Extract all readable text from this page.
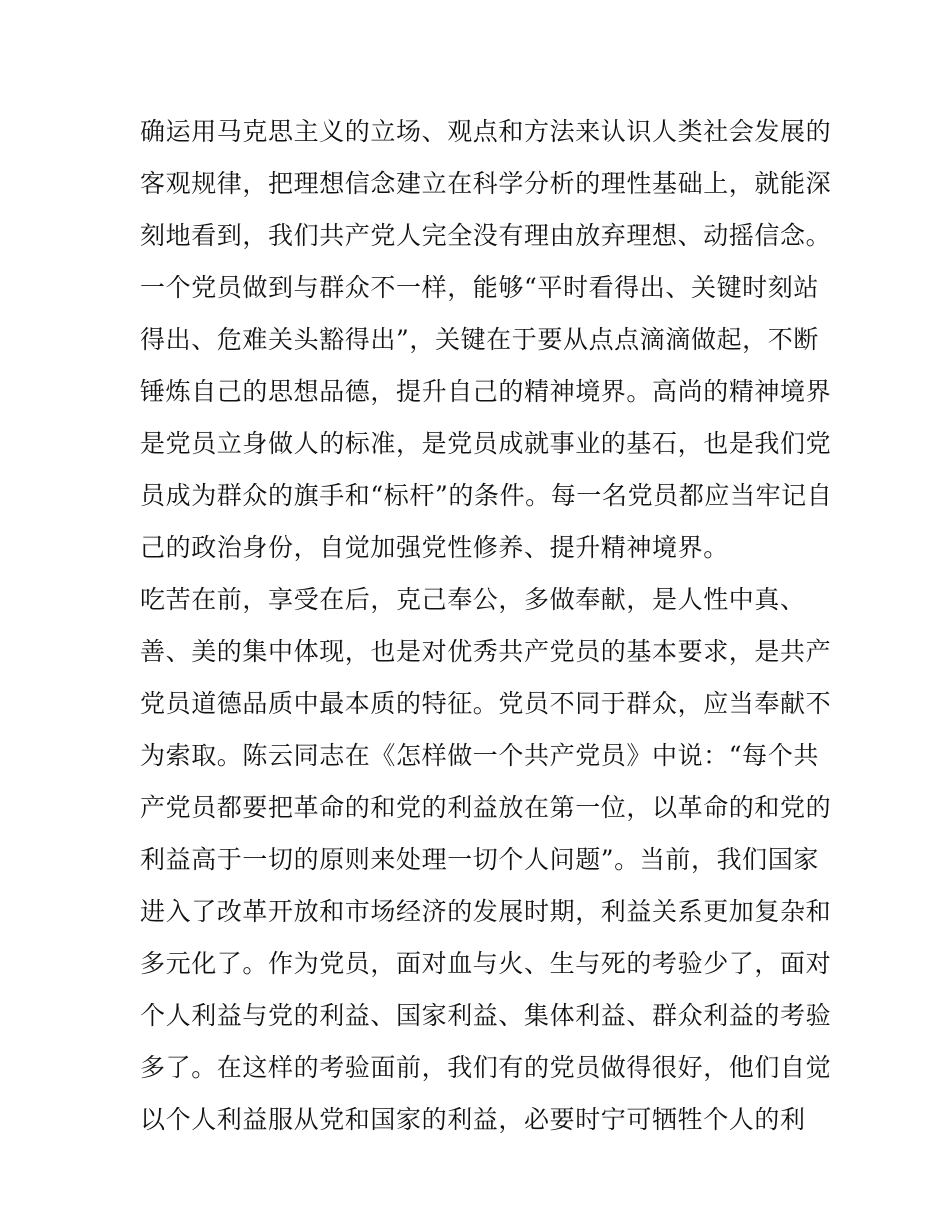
确运用马克思主义的立场、观点和方法来认识人类社会发展的
客观规律，把理想信念建立在科学分析的理性基础上，就能深
刻地看到，我们共产党人完全没有理由放弃理想、动摇信念。
一个党员做到与群众不一样，能够“平时看得出、关键时刻站
得出、危难关头豁得出”，关键在于要从点点滴滴做起，不断
锤炼自己的思想品德，提升自己的精神境界。高尚的精神境界
是党员立身做人的标准，是党员成就事业的基石，也是我们党
员成为群众的旗手和“标杆”的条件。每一名党员都应当牢记自
己的政治身份，自觉加强党性修养、提升精神境界。
吃苦在前，享受在后，克己奉公，多做奉献，是人性中真、
善、美的集中体现，也是对优秀共产党员的基本要求，是共产
党员道德品质中最本质的特征。党员不同于群众，应当奉献不
为索取。陈云同志在《怎样做一个共产党员》中说：“每个共
产党员都要把革命的和党的利益放在第一位，以革命的和党的
利益高于一切的原则来处理一切个人问题”。当前，我们国家
进入了改革开放和市场经济的发展时期，利益关系更加复杂和
多元化了。作为党员，面对血与火、生与死的考验少了，面对
个人利益与党的利益、国家利益、集体利益、群众利益的考验
多了。在这样的考验面前，我们有的党员做得很好，他们自觉
以个人利益服从党和国家的利益，必要时宁可牺牲个人的利
